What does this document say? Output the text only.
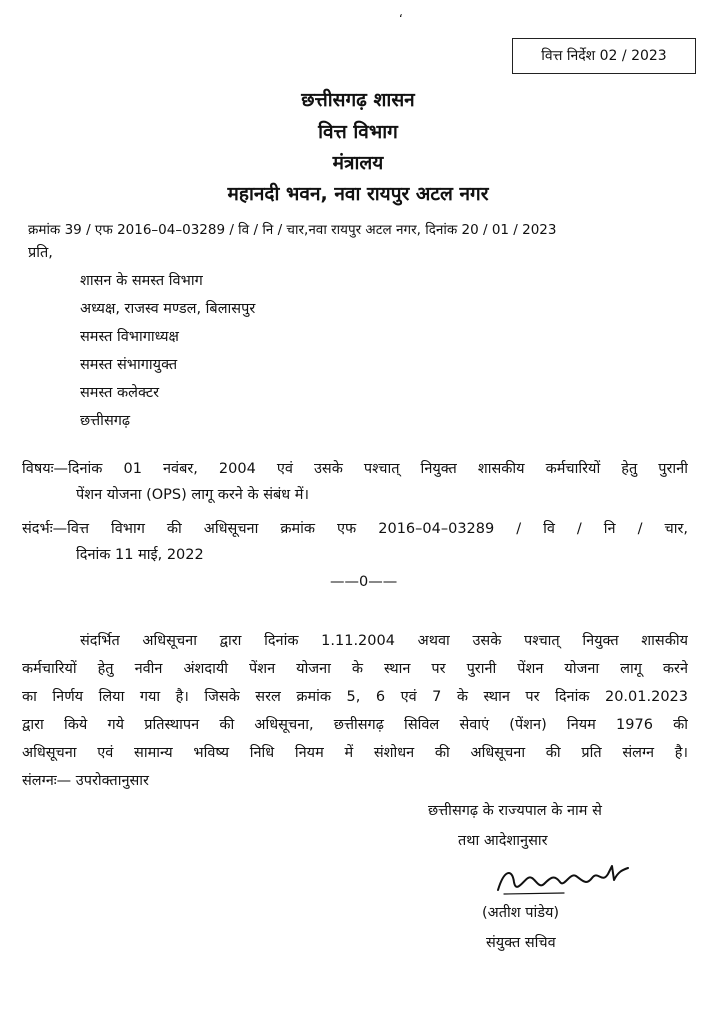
ʻ
वित्त निर्देश 02 / 2023
छत्तीसगढ़ शासन
वित्त विभाग
मंत्रालय
महानदी भवन, नवा रायपुर अटल नगर
क्रमांक 39 / एफ 2016–04–03289 / वि / नि / चार,नवा रायपुर अटल नगर, दिनांक 20 / 01 / 2023
प्रति,
शासन के समस्त विभाग
अध्यक्ष, राजस्व मण्डल, बिलासपुर
समस्त विभागाध्यक्ष
समस्त संभागायुक्त
समस्त कलेक्टर
छत्तीसगढ़
विषयः—दिनांक 01 नवंबर, 2004 एवं उसके पश्चात् नियुक्त शासकीय कर्मचारियों हेतु पुरानी
पेंशन योजना (OPS) लागू करने के संबंध में।
संदर्भः—वित्त विभाग की अधिसूचना क्रमांक एफ 2016–04–03289 / वि / नि / चार,
दिनांक 11 माई, 2022
——0——
संदर्भित अधिसूचना द्वारा दिनांक 1.11.2004 अथवा उसके पश्चात् नियुक्त शासकीय
कर्मचारियों हेतु नवीन अंशदायी पेंशन योजना के स्थान पर पुरानी पेंशन योजना लागू करने
का निर्णय लिया गया है। जिसके सरल क्रमांक 5, 6 एवं 7 के स्थान पर दिनांक 20.01.2023
द्वारा किये गये प्रतिस्थापन की अधिसूचना, छत्तीसगढ़ सिविल सेवाएं (पेंशन) नियम 1976 की
अधिसूचना एवं सामान्य भविष्य निधि नियम में संशोधन की अधिसूचना की प्रति संलग्न है।
संलग्नः— उपरोक्तानुसार
छत्तीसगढ़ के राज्यपाल के नाम से
तथा आदेशानुसार
(अतीश पांडेय)
संयुक्त सचिव
